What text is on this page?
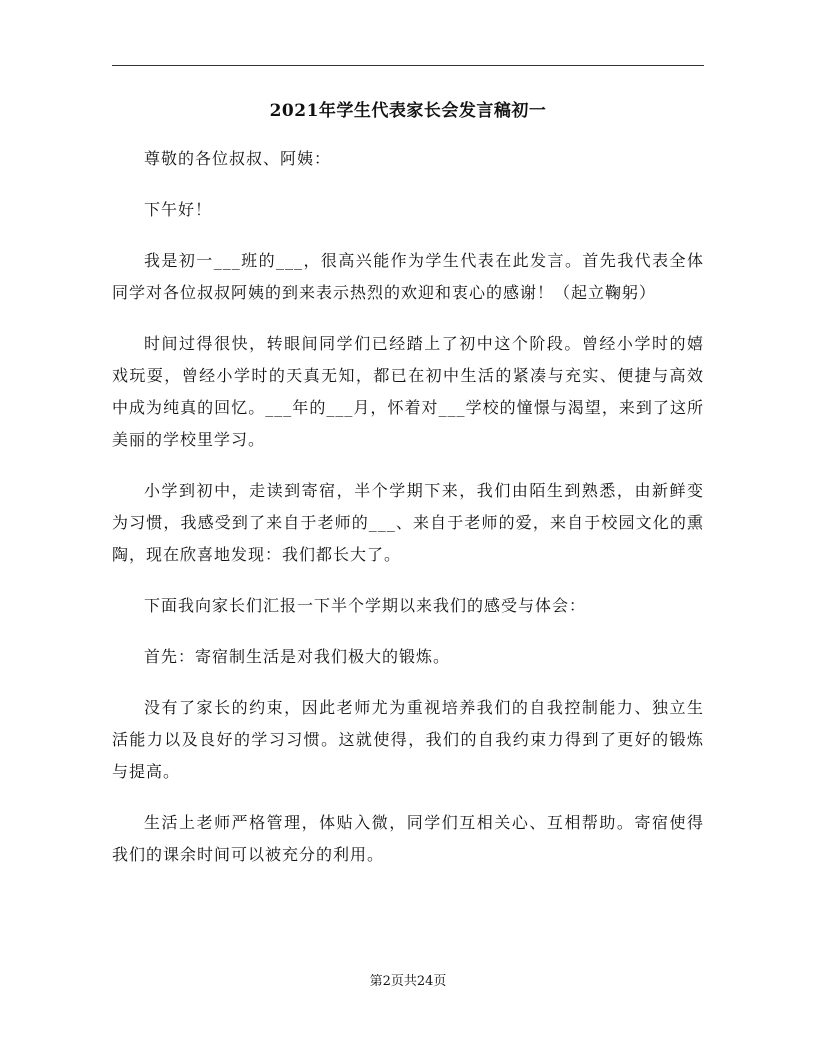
2021年学生代表家长会发言稿初一

尊敬的各位叔叔、阿姨：

下午好！

我是初一___班的___，很高兴能作为学生代表在此发言。首先我代表全体同学对各位叔叔阿姨的到来表示热烈的欢迎和衷心的感谢！（起立鞠躬）

时间过得很快，转眼间同学们已经踏上了初中这个阶段。曾经小学时的嬉戏玩耍，曾经小学时的天真无知，都已在初中生活的紧凑与充实、便捷与高效中成为纯真的回忆。___年的___月，怀着对___学校的憧憬与渴望，来到了这所美丽的学校里学习。

小学到初中，走读到寄宿，半个学期下来，我们由陌生到熟悉，由新鲜变为习惯，我感受到了来自于老师的___、来自于老师的爱，来自于校园文化的熏陶，现在欣喜地发现：我们都长大了。

下面我向家长们汇报一下半个学期以来我们的感受与体会：

首先：寄宿制生活是对我们极大的锻炼。

没有了家长的约束，因此老师尤为重视培养我们的自我控制能力、独立生活能力以及良好的学习习惯。这就使得，我们的自我约束力得到了更好的锻炼与提高。

生活上老师严格管理，体贴入微，同学们互相关心、互相帮助。寄宿使得我们的课余时间可以被充分的利用。

第2页共24页
